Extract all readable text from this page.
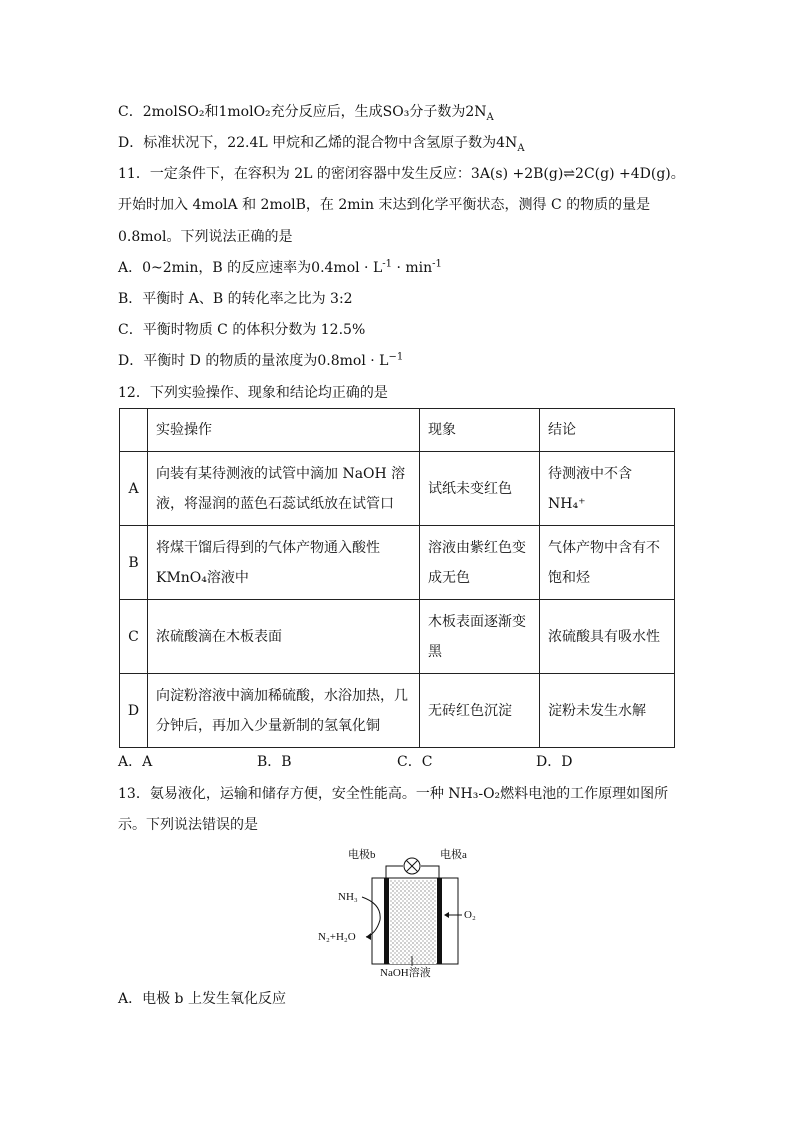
C．2molSO₂和1molO₂充分反应后，生成SO₃分子数为$2N_A$
D．标准状况下，22.4L 甲烷和乙烯的混合物中含氢原子数为$4N_A$
11．一定条件下，在容积为 2L 的密闭容器中发生反应：3A(s) +2B(g)⇌2C(g) +4D(g)。
开始时加入 4molA 和 2molB，在 2min 末达到化学平衡状态，测得 C 的物质的量是
0.8mol。下列说法正确的是
A．0~2min，B 的反应速率为$0.4mol \cdot L^{-1} \cdot \min^{-1}$
B．平衡时 A、B 的转化率之比为 3:2
C．平衡时物质 C 的体积分数为 12.5%
D．平衡时 D 的物质的量浓度为$0.8mol \cdot L^{-1}$
12．下列实验操作、现象和结论均正确的是
	实验操作	现象	结论
A	向装有某待测液的试管中滴加 NaOH 溶液，将湿润的蓝色石蕊试纸放在试管口	试纸未变红色	待测液中不含NH₄⁺
B	将煤干馏后得到的气体产物通入酸性 KMnO₄溶液中	溶液由紫红色变成无色	气体产物中含有不饱和烃
C	浓硫酸滴在木板表面	木板表面逐渐变黑	浓硫酸具有吸水性
D	向淀粉溶液中滴加稀硫酸，水浴加热，几分钟后，再加入少量新制的氢氧化铜	无砖红色沉淀	淀粉未发生水解
A．A	B．B	C．C	D．D
13．氨易液化，运输和储存方便，安全性能高。一种 NH₃-O₂燃料电池的工作原理如图所
示。下列说法错误的是
电极b	电极a
NH₃
N₂+H₂O
O₂
NaOH溶液
A．电极 b 上发生氧化反应
